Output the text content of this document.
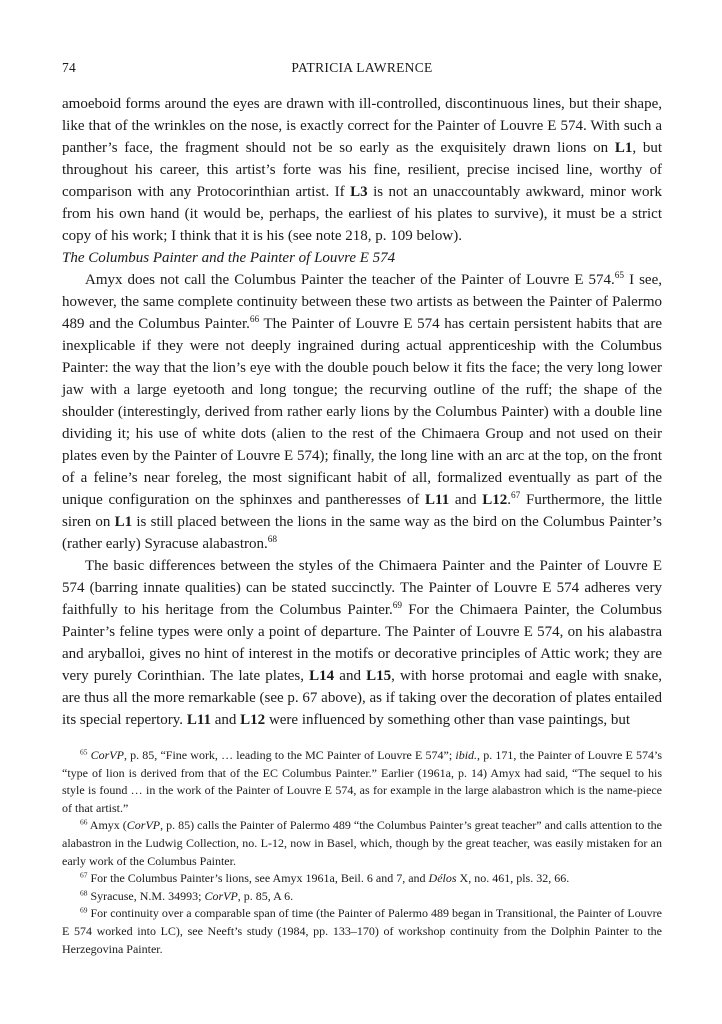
74	PATRICIA LAWRENCE

amoeboid forms around the eyes are drawn with ill-controlled, discontinuous lines, but their shape, like that of the wrinkles on the nose, is exactly correct for the Painter of Louvre E 574. With such a panther’s face, the fragment should not be so early as the exquisitely drawn lions on L1, but throughout his career, this artist’s forte was his fine, resilient, precise incised line, worthy of comparison with any Protocorinthian artist. If L3 is not an unaccountably awkward, minor work from his own hand (it would be, perhaps, the earliest of his plates to survive), it must be a strict copy of his work; I think that it is his (see note 218, p. 109 below).

The Columbus Painter and the Painter of Louvre E 574

Amyx does not call the Columbus Painter the teacher of the Painter of Louvre E 574.65 I see, however, the same complete continuity between these two artists as between the Painter of Palermo 489 and the Columbus Painter.$^{66}$ The Painter of Louvre E 574 has certain persistent habits that are inexplicable if they were not deeply ingrained during actual apprenticeship with the Columbus Painter: the way that the lion’s eye with the double pouch below it fits the face; the very long lower jaw with a large eyetooth and long tongue; the recurving outline of the ruff; the shape of the shoulder (interestingly, derived from rather early lions by the Columbus Painter) with a double line dividing it; his use of white dots (alien to the rest of the Chimaera Group and not used on their plates even by the Painter of Louvre E 574); finally, the long line with an arc at the top, on the front of a feline’s near foreleg, the most significant habit of all, formalized eventually as part of the unique configuration on the sphinxes and pantheresses of L11 and L12.67 Furthermore, the little siren on L1 is still placed between the lions in the same way as the bird on the Columbus Painter’s (rather early) Syracuse alabastron.$^{68}$

The basic differences between the styles of the Chimaera Painter and the Painter of Louvre E 574 (barring innate qualities) can be stated succinctly. The Painter of Louvre E 574 adheres very faithfully to his heritage from the Columbus Painter.$^{69}$ For the Chimaera Painter, the Columbus Painter’s feline types were only a point of departure. The Painter of Louvre E 574, on his alabastra and aryballoi, gives no hint of interest in the motifs or decorative principles of Attic work; they are very purely Corinthian. The late plates, L14 and L15, with horse protomai and eagle with snake, are thus all the more remarkable (see p. 67 above), as if taking over the decoration of plates entailed its special repertory. L11 and L12 were influenced by something other than vase paintings, but

$^{65}$ CorVP, p. 85, “Fine work, … leading to the MC Painter of Louvre E 574”; ibid., p. 171, the Painter of Louvre E 574’s “type of lion is derived from that of the EC Columbus Painter.” Earlier (1961a, p. 14) Amyx had said, “The sequel to his style is found … in the work of the Painter of Louvre E 574, as for example in the large alabastron which is the name-piece of that artist.”

$^{66}$ Amyx (CorVP, p. 85) calls the Painter of Palermo 489 “the Columbus Painter’s great teacher” and calls attention to the alabastron in the Ludwig Collection, no. L-12, now in Basel, which, though by the great teacher, was easily mistaken for an early work of the Columbus Painter.

$^{67}$ For the Columbus Painter’s lions, see Amyx 1961a, Beil. 6 and 7, and Délos X, no. 461, pls. 32, 66.

$^{68}$ Syracuse, N.M. 34993; CorVP, p. 85, A 6.

$^{69}$ For continuity over a comparable span of time (the Painter of Palermo 489 began in Transitional, the Painter of Louvre E 574 worked into LC), see Neeft’s study (1984, pp. 133–170) of workshop continuity from the Dolphin Painter to the Herzegovina Painter.
